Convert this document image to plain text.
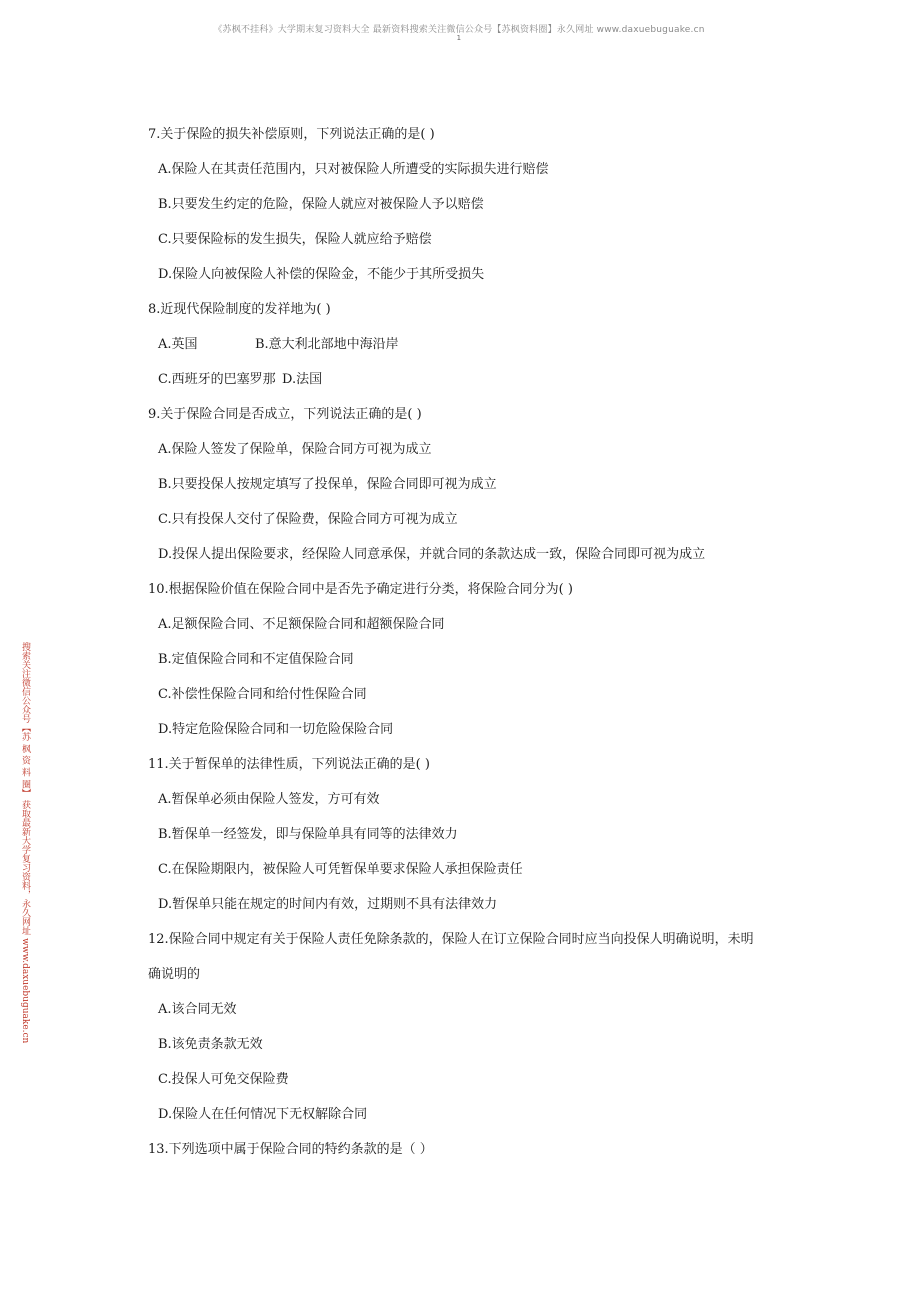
《苏枫不挂科》大学期末复习资料大全 最新资料搜索关注微信公众号【苏枫资料圈】永久网址 www.daxuebuguake.cn
1
搜索关注微信公众号【苏 枫 资 料 圈】 获取最新大学复习资料，永久网址 www.daxuebuguake.cn
7.关于保险的损失补偿原则，下列说法正确的是( )
A.保险人在其责任范围内，只对被保险人所遭受的实际损失进行赔偿
B.只要发生约定的危险，保险人就应对被保险人予以赔偿
C.只要保险标的发生损失，保险人就应给予赔偿
D.保险人向被保险人补偿的保险金，不能少于其所受损失
8.近现代保险制度的发祥地为( )
A.英国	B.意大利北部地中海沿岸
C.西班牙的巴塞罗那 D.法国
9.关于保险合同是否成立，下列说法正确的是( )
A.保险人签发了保险单，保险合同方可视为成立
B.只要投保人按规定填写了投保单，保险合同即可视为成立
C.只有投保人交付了保险费，保险合同方可视为成立
D.投保人提出保险要求，经保险人同意承保，并就合同的条款达成一致，保险合同即可视为成立
10.根据保险价值在保险合同中是否先予确定进行分类，将保险合同分为( )
A.足额保险合同、不足额保险合同和超额保险合同
B.定值保险合同和不定值保险合同
C.补偿性保险合同和给付性保险合同
D.特定危险保险合同和一切危险保险合同
11.关于暂保单的法律性质，下列说法正确的是( )
A.暂保单必须由保险人签发，方可有效
B.暂保单一经签发，即与保险单具有同等的法律效力
C.在保险期限内，被保险人可凭暂保单要求保险人承担保险责任
D.暂保单只能在规定的时间内有效，过期则不具有法律效力
12.保险合同中规定有关于保险人责任免除条款的，保险人在订立保险合同时应当向投保人明确说明，未明
确说明的
A.该合同无效
B.该免责条款无效
C.投保人可免交保险费
D.保险人在任何情况下无权解除合同
13.下列选项中属于保险合同的特约条款的是（ ）
